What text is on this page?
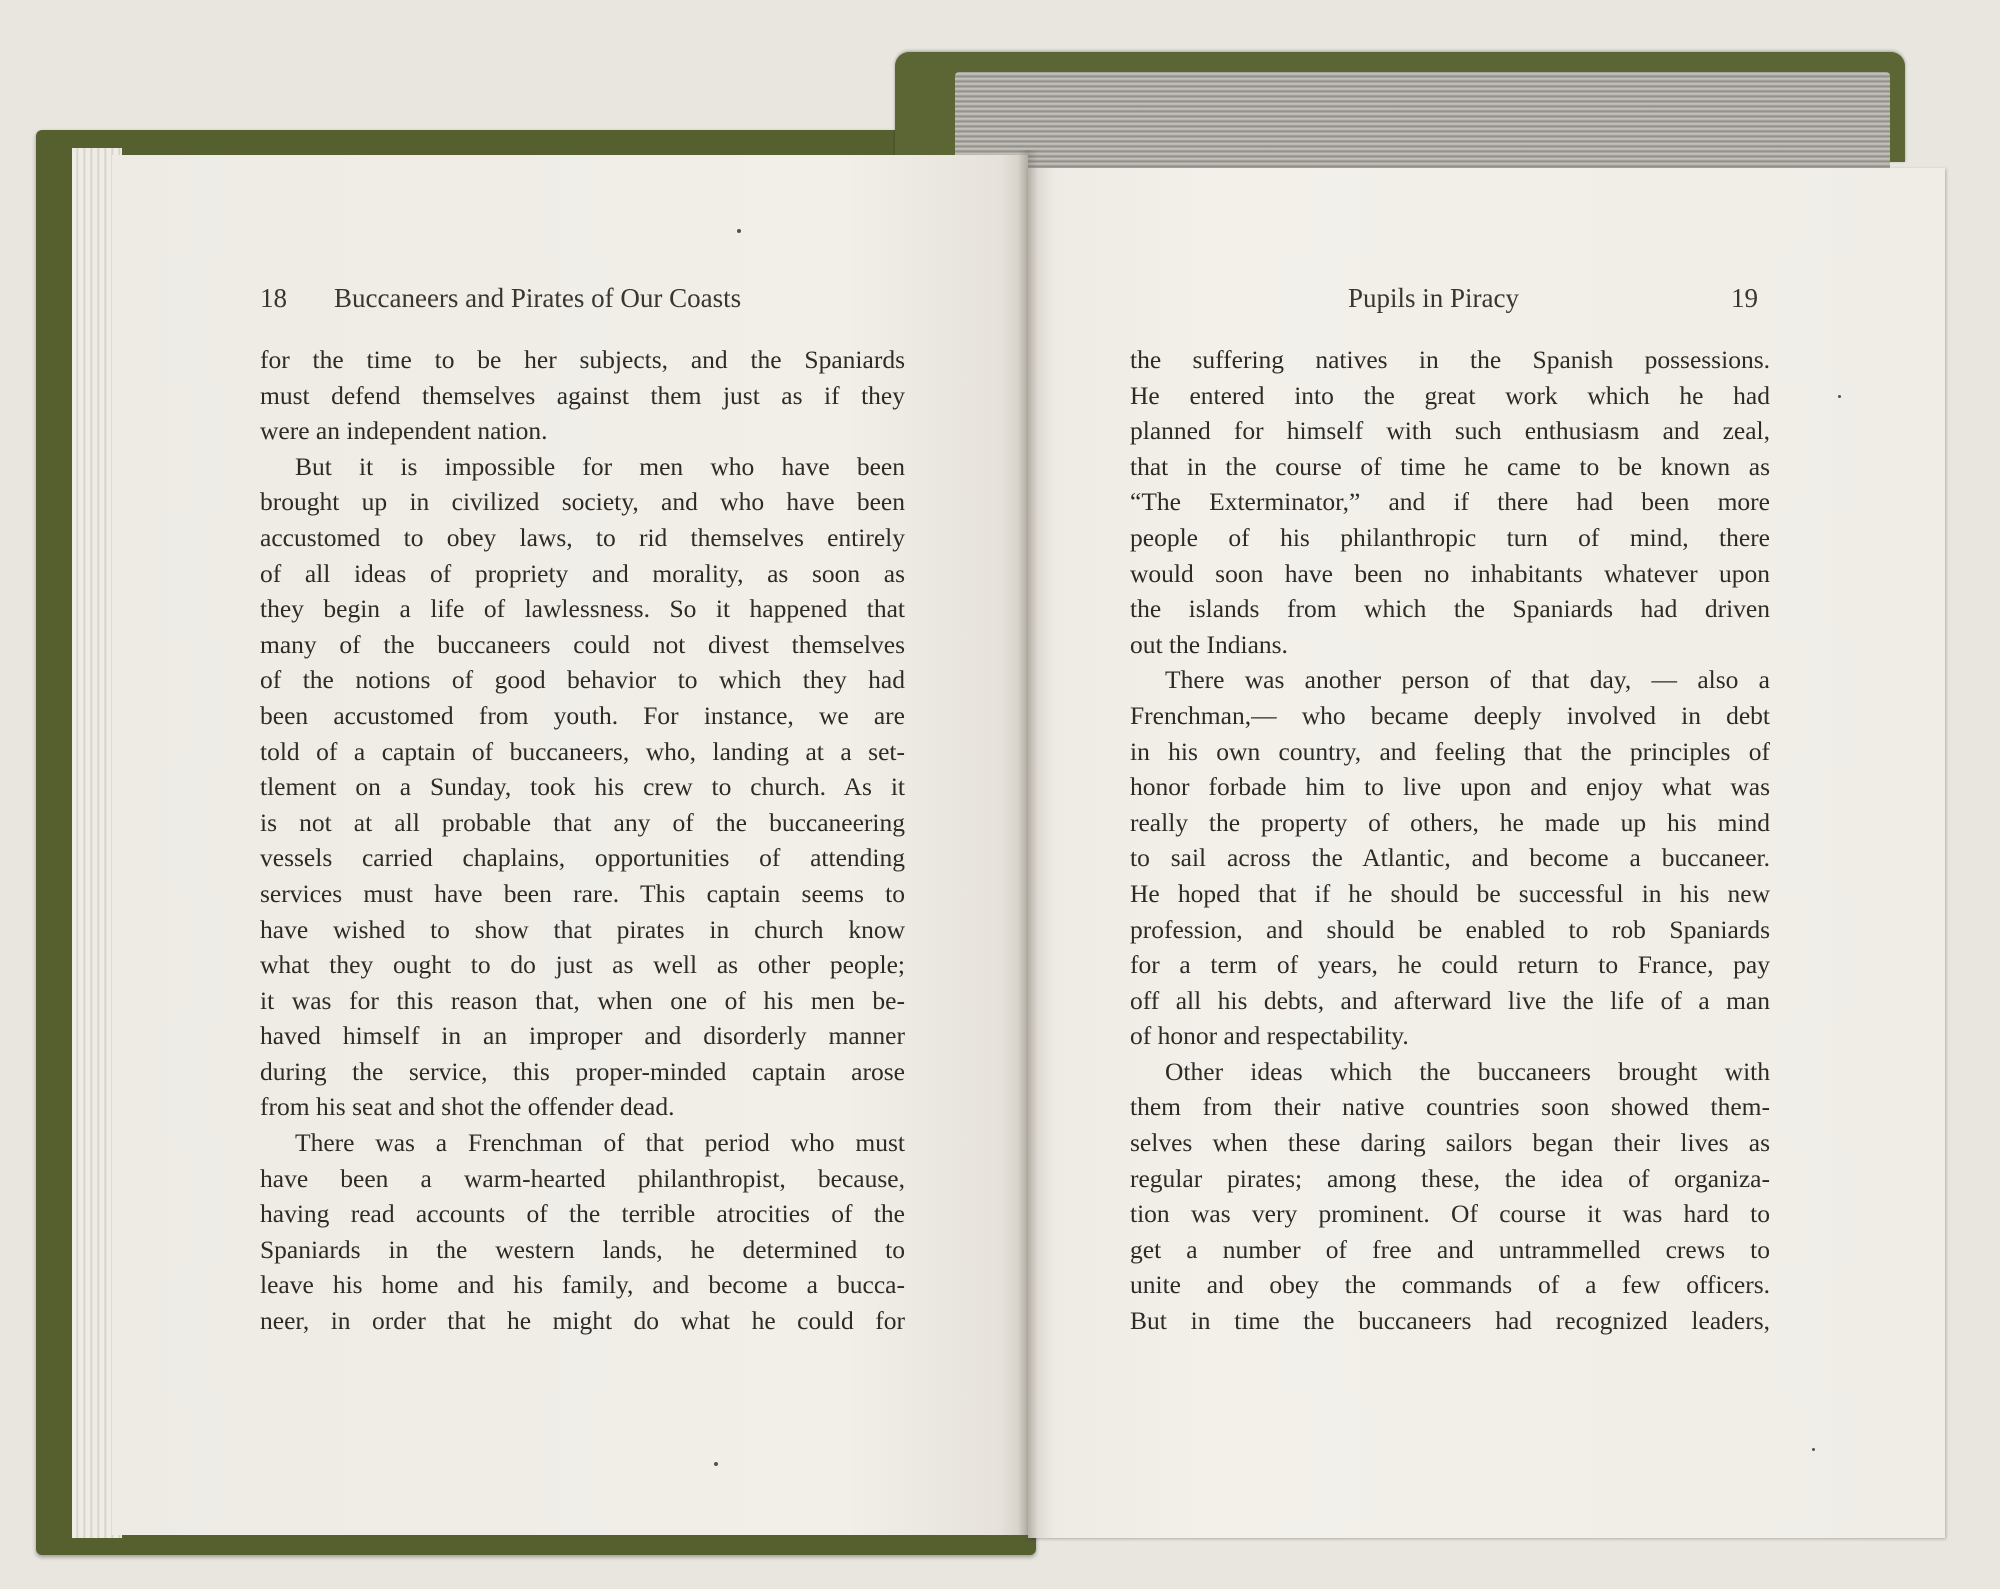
18 Buccaneers and Pirates of Our Coasts	Pupils in Piracy	19
for the time to be her subjects, and the Spaniards
must defend themselves against them just as if they
were an independent nation.
But it is impossible for men who have been
brought up in civilized society, and who have been
accustomed to obey laws, to rid themselves entirely
of all ideas of propriety and morality, as soon as
they begin a life of lawlessness. So it happened that
many of the buccaneers could not divest themselves
of the notions of good behavior to which they had
been accustomed from youth. For instance, we are
told of a captain of buccaneers, who, landing at a set-
tlement on a Sunday, took his crew to church. As it
is not at all probable that any of the buccaneering
vessels carried chaplains, opportunities of attending
services must have been rare. This captain seems to
have wished to show that pirates in church know
what they ought to do just as well as other people;
it was for this reason that, when one of his men be-
haved himself in an improper and disorderly manner
during the service, this proper-minded captain arose
from his seat and shot the offender dead.
There was a Frenchman of that period who must
have been a warm-hearted philanthropist, because,
having read accounts of the terrible atrocities of the
Spaniards in the western lands, he determined to
leave his home and his family, and become a bucca-
neer, in order that he might do what he could for
the suffering natives in the Spanish possessions.
He entered into the great work which he had
planned for himself with such enthusiasm and zeal,
that in the course of time he came to be known as
“The Exterminator,” and if there had been more
people of his philanthropic turn of mind, there
would soon have been no inhabitants whatever upon
the islands from which the Spaniards had driven
out the Indians.
There was another person of that day, — also a
Frenchman,— who became deeply involved in debt
in his own country, and feeling that the principles of
honor forbade him to live upon and enjoy what was
really the property of others, he made up his mind
to sail across the Atlantic, and become a buccaneer.
He hoped that if he should be successful in his new
profession, and should be enabled to rob Spaniards
for a term of years, he could return to France, pay
off all his debts, and afterward live the life of a man
of honor and respectability.
Other ideas which the buccaneers brought with
them from their native countries soon showed them-
selves when these daring sailors began their lives as
regular pirates; among these, the idea of organiza-
tion was very prominent. Of course it was hard to
get a number of free and untrammelled crews to
unite and obey the commands of a few officers.
But in time the buccaneers had recognized leaders,
